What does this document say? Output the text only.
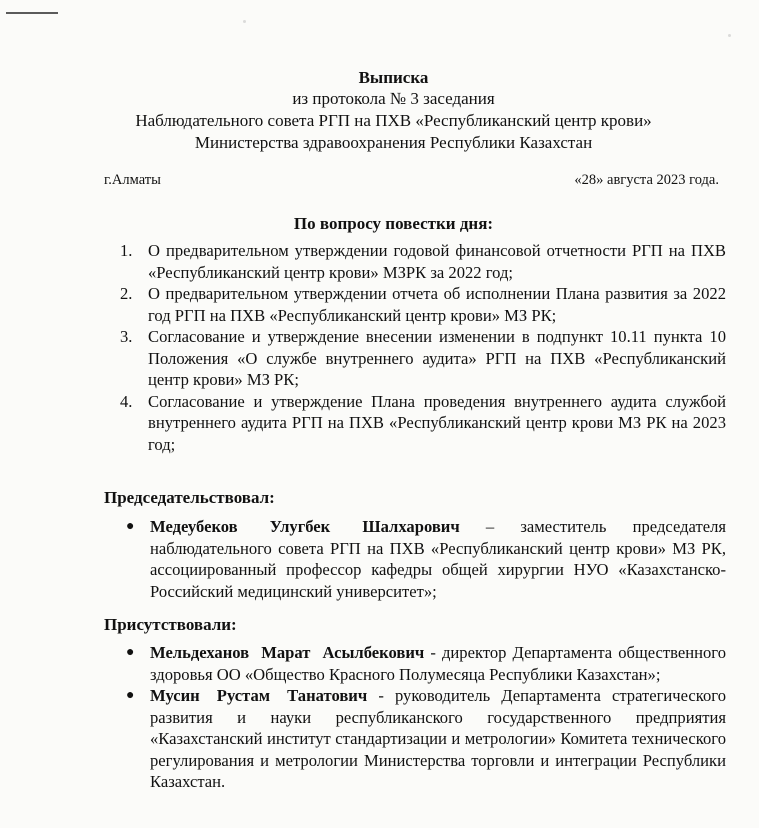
Выписка
из протокола № 3 заседания
Наблюдательного совета РГП на ПХВ «Республиканский центр крови»
Министерства здравоохранения Республики Казахстан
г.Алматы	«28» августа 2023 года.
По вопросу повестки дня:
1. О предварительном утверждении годовой финансовой отчетности РГП на ПХВ «Республиканский центр крови» МЗРК за 2022 год;
2. О предварительном утверждении отчета об исполнении Плана развития за 2022 год РГП на ПХВ «Республиканский центр крови» МЗ РК;
3. Согласование и утверждение внесении изменении в подпункт 10.11 пункта 10 Положения «О службе внутреннего аудита» РГП на ПХВ «Республиканский центр крови» МЗ РК;
4. Согласование и утверждение Плана проведения внутреннего аудита службой внутреннего аудита РГП на ПХВ «Республиканский центр крови МЗ РК на 2023 год;
Председательствовал:
● Медеубеков Улугбек Шалхарович – заместитель председателя наблюдательного совета РГП на ПХВ «Республиканский центр крови» МЗ РК, ассоциированный профессор кафедры общей хирургии НУО «Казахстанско-Российский медицинский университет»;
Присутствовали:
● Мельдеханов Марат Асылбекович - директор Департамента общественного здоровья ОО «Общество Красного Полумесяца Республики Казахстан»;
● Мусин Рустам Танатович - руководитель Департамента стратегического развития и науки республиканского государственного предприятия «Казахстанский институт стандартизации и метрологии» Комитета технического регулирования и метрологии Министерства торговли и интеграции Республики Казахстан.
